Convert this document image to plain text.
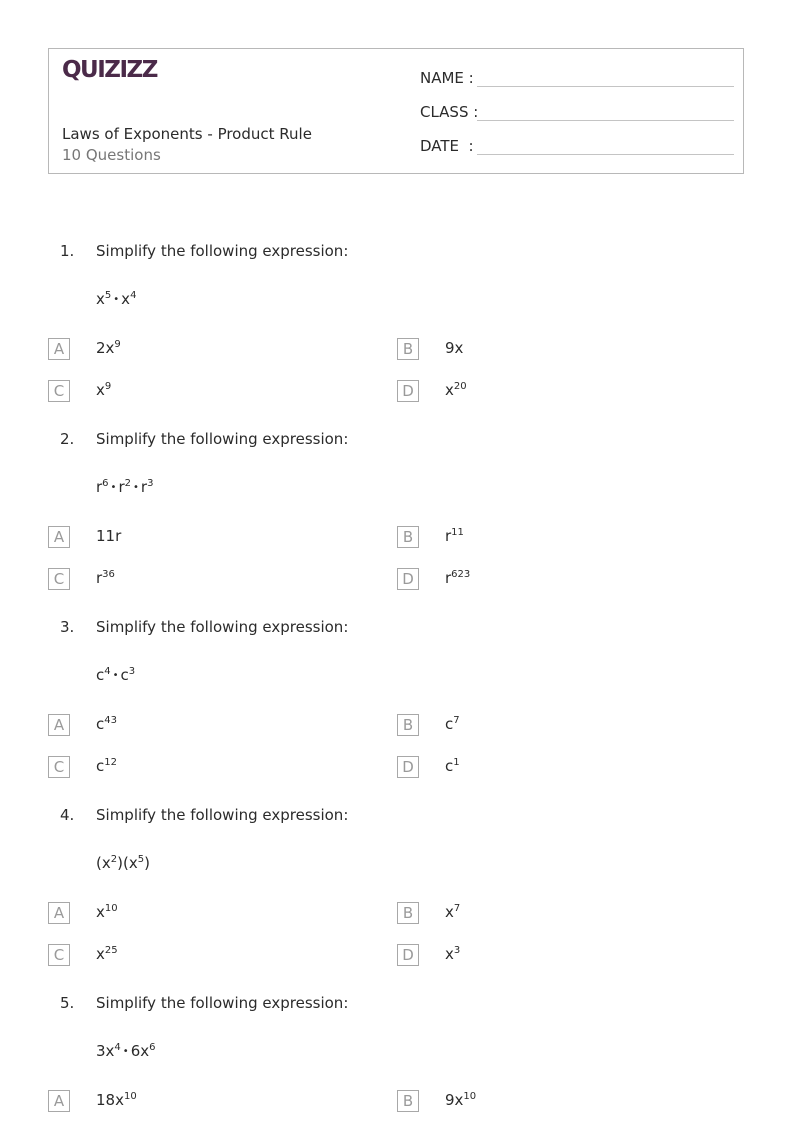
QUIZIZZ
Laws of Exponents - Product Rule
10 Questions
NAME :
CLASS :
DATE  :
1. Simplify the following expression:
$x^5$ • $x^4$
A	$2x^9$	B	9x
C	$x^9$	D	$x^{20}$
2. Simplify the following expression:
$r^6$ • $r^2$ • $r^3$
A	11r	B	$r^{11}$
C	$r^{36}$	D	$r^{623}$
3. Simplify the following expression:
$c^4$ • $c^3$
A	$c^{43}$	B	$c^7$
C	$c^{12}$	D	$c^1$
4. Simplify the following expression:
$(x^2)(x^5)$
A	$x^{10}$	B	$x^7$
C	$x^{25}$	D	$x^3$
5. Simplify the following expression:
$3x^4$ • $6x^6$
A	$18x^{10}$	B	$9x^{10}$
